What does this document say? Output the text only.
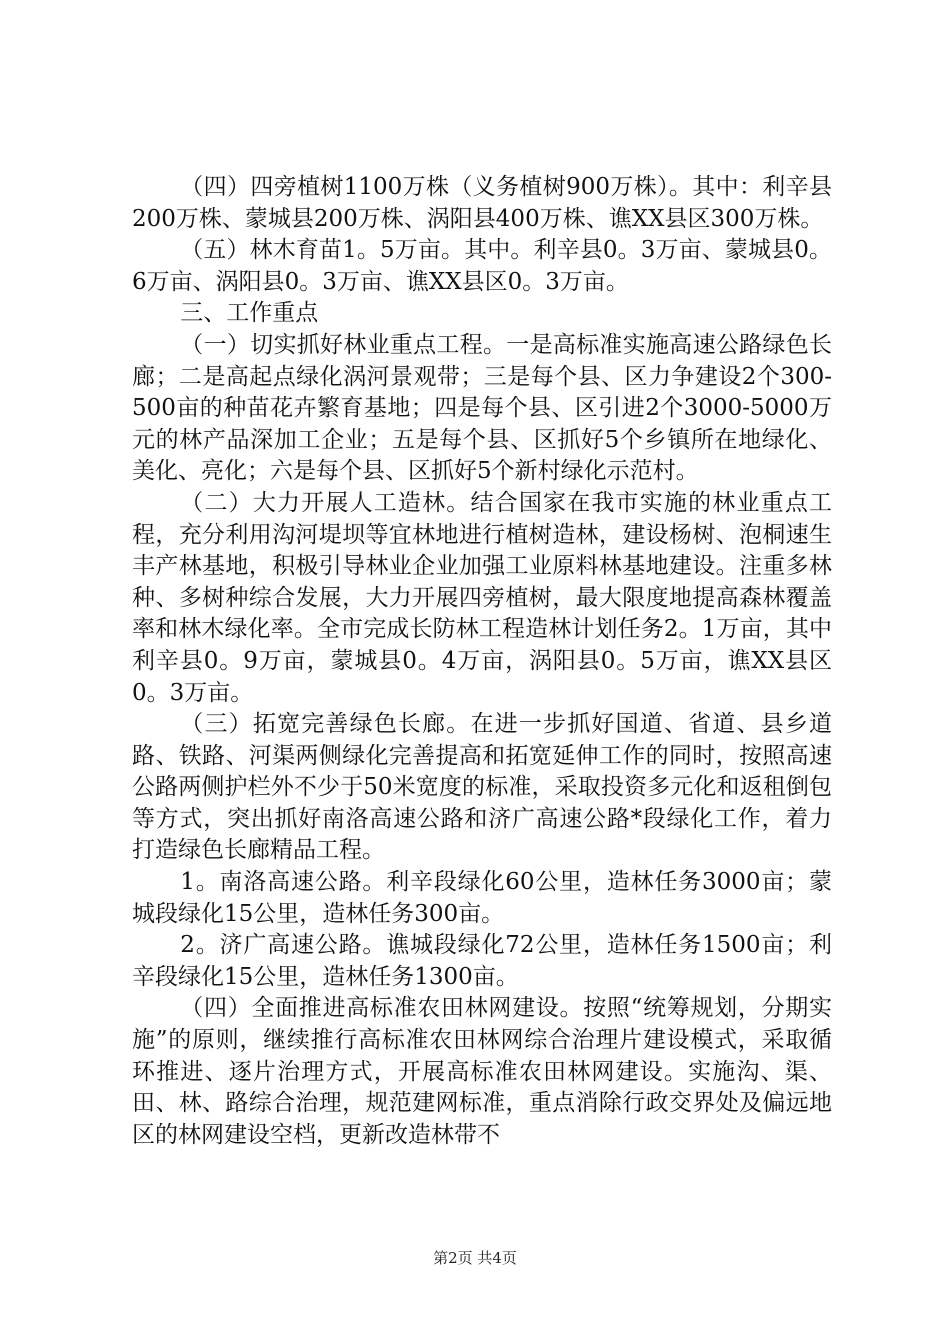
（四）四旁植树1100万株（义务植树900万株）。其中：利辛县200万株、蒙城县200万株、涡阳县400万株、谯XX县区300万株。

（五）林木育苗1。5万亩。其中。利辛县0。3万亩、蒙城县0。6万亩、涡阳县0。3万亩、谯XX县区0。3万亩。

三、工作重点

（一）切实抓好林业重点工程。一是高标准实施高速公路绿色长廊；二是高起点绿化涡河景观带；三是每个县、区力争建设2个300-500亩的种苗花卉繁育基地；四是每个县、区引进2个3000-5000万元的林产品深加工企业；五是每个县、区抓好5个乡镇所在地绿化、美化、亮化；六是每个县、区抓好5个新村绿化示范村。

（二）大力开展人工造林。结合国家在我市实施的林业重点工程，充分利用沟河堤坝等宜林地进行植树造林，建设杨树、泡桐速生丰产林基地，积极引导林业企业加强工业原料林基地建设。注重多林种、多树种综合发展，大力开展四旁植树，最大限度地提高森林覆盖率和林木绿化率。全市完成长防林工程造林计划任务2。1万亩，其中利辛县0。9万亩，蒙城县0。4万亩，涡阳县0。5万亩，谯XX县区0。3万亩。

（三）拓宽完善绿色长廊。在进一步抓好国道、省道、县乡道路、铁路、河渠两侧绿化完善提高和拓宽延伸工作的同时，按照高速公路两侧护栏外不少于50米宽度的标准，采取投资多元化和返租倒包等方式，突出抓好南洛高速公路和济广高速公路*段绿化工作，着力打造绿色长廊精品工程。

1。南洛高速公路。利辛段绿化60公里，造林任务3000亩；蒙城段绿化15公里，造林任务300亩。

2。济广高速公路。谯城段绿化72公里，造林任务1500亩；利辛段绿化15公里，造林任务1300亩。

（四）全面推进高标准农田林网建设。按照“统筹规划，分期实施”的原则，继续推行高标准农田林网综合治理片建设模式，采取循环推进、逐片治理方式，开展高标准农田林网建设。实施沟、渠、田、林、路综合治理，规范建网标准，重点消除行政交界处及偏远地区的林网建设空档，更新改造林带不

第2页 共4页
